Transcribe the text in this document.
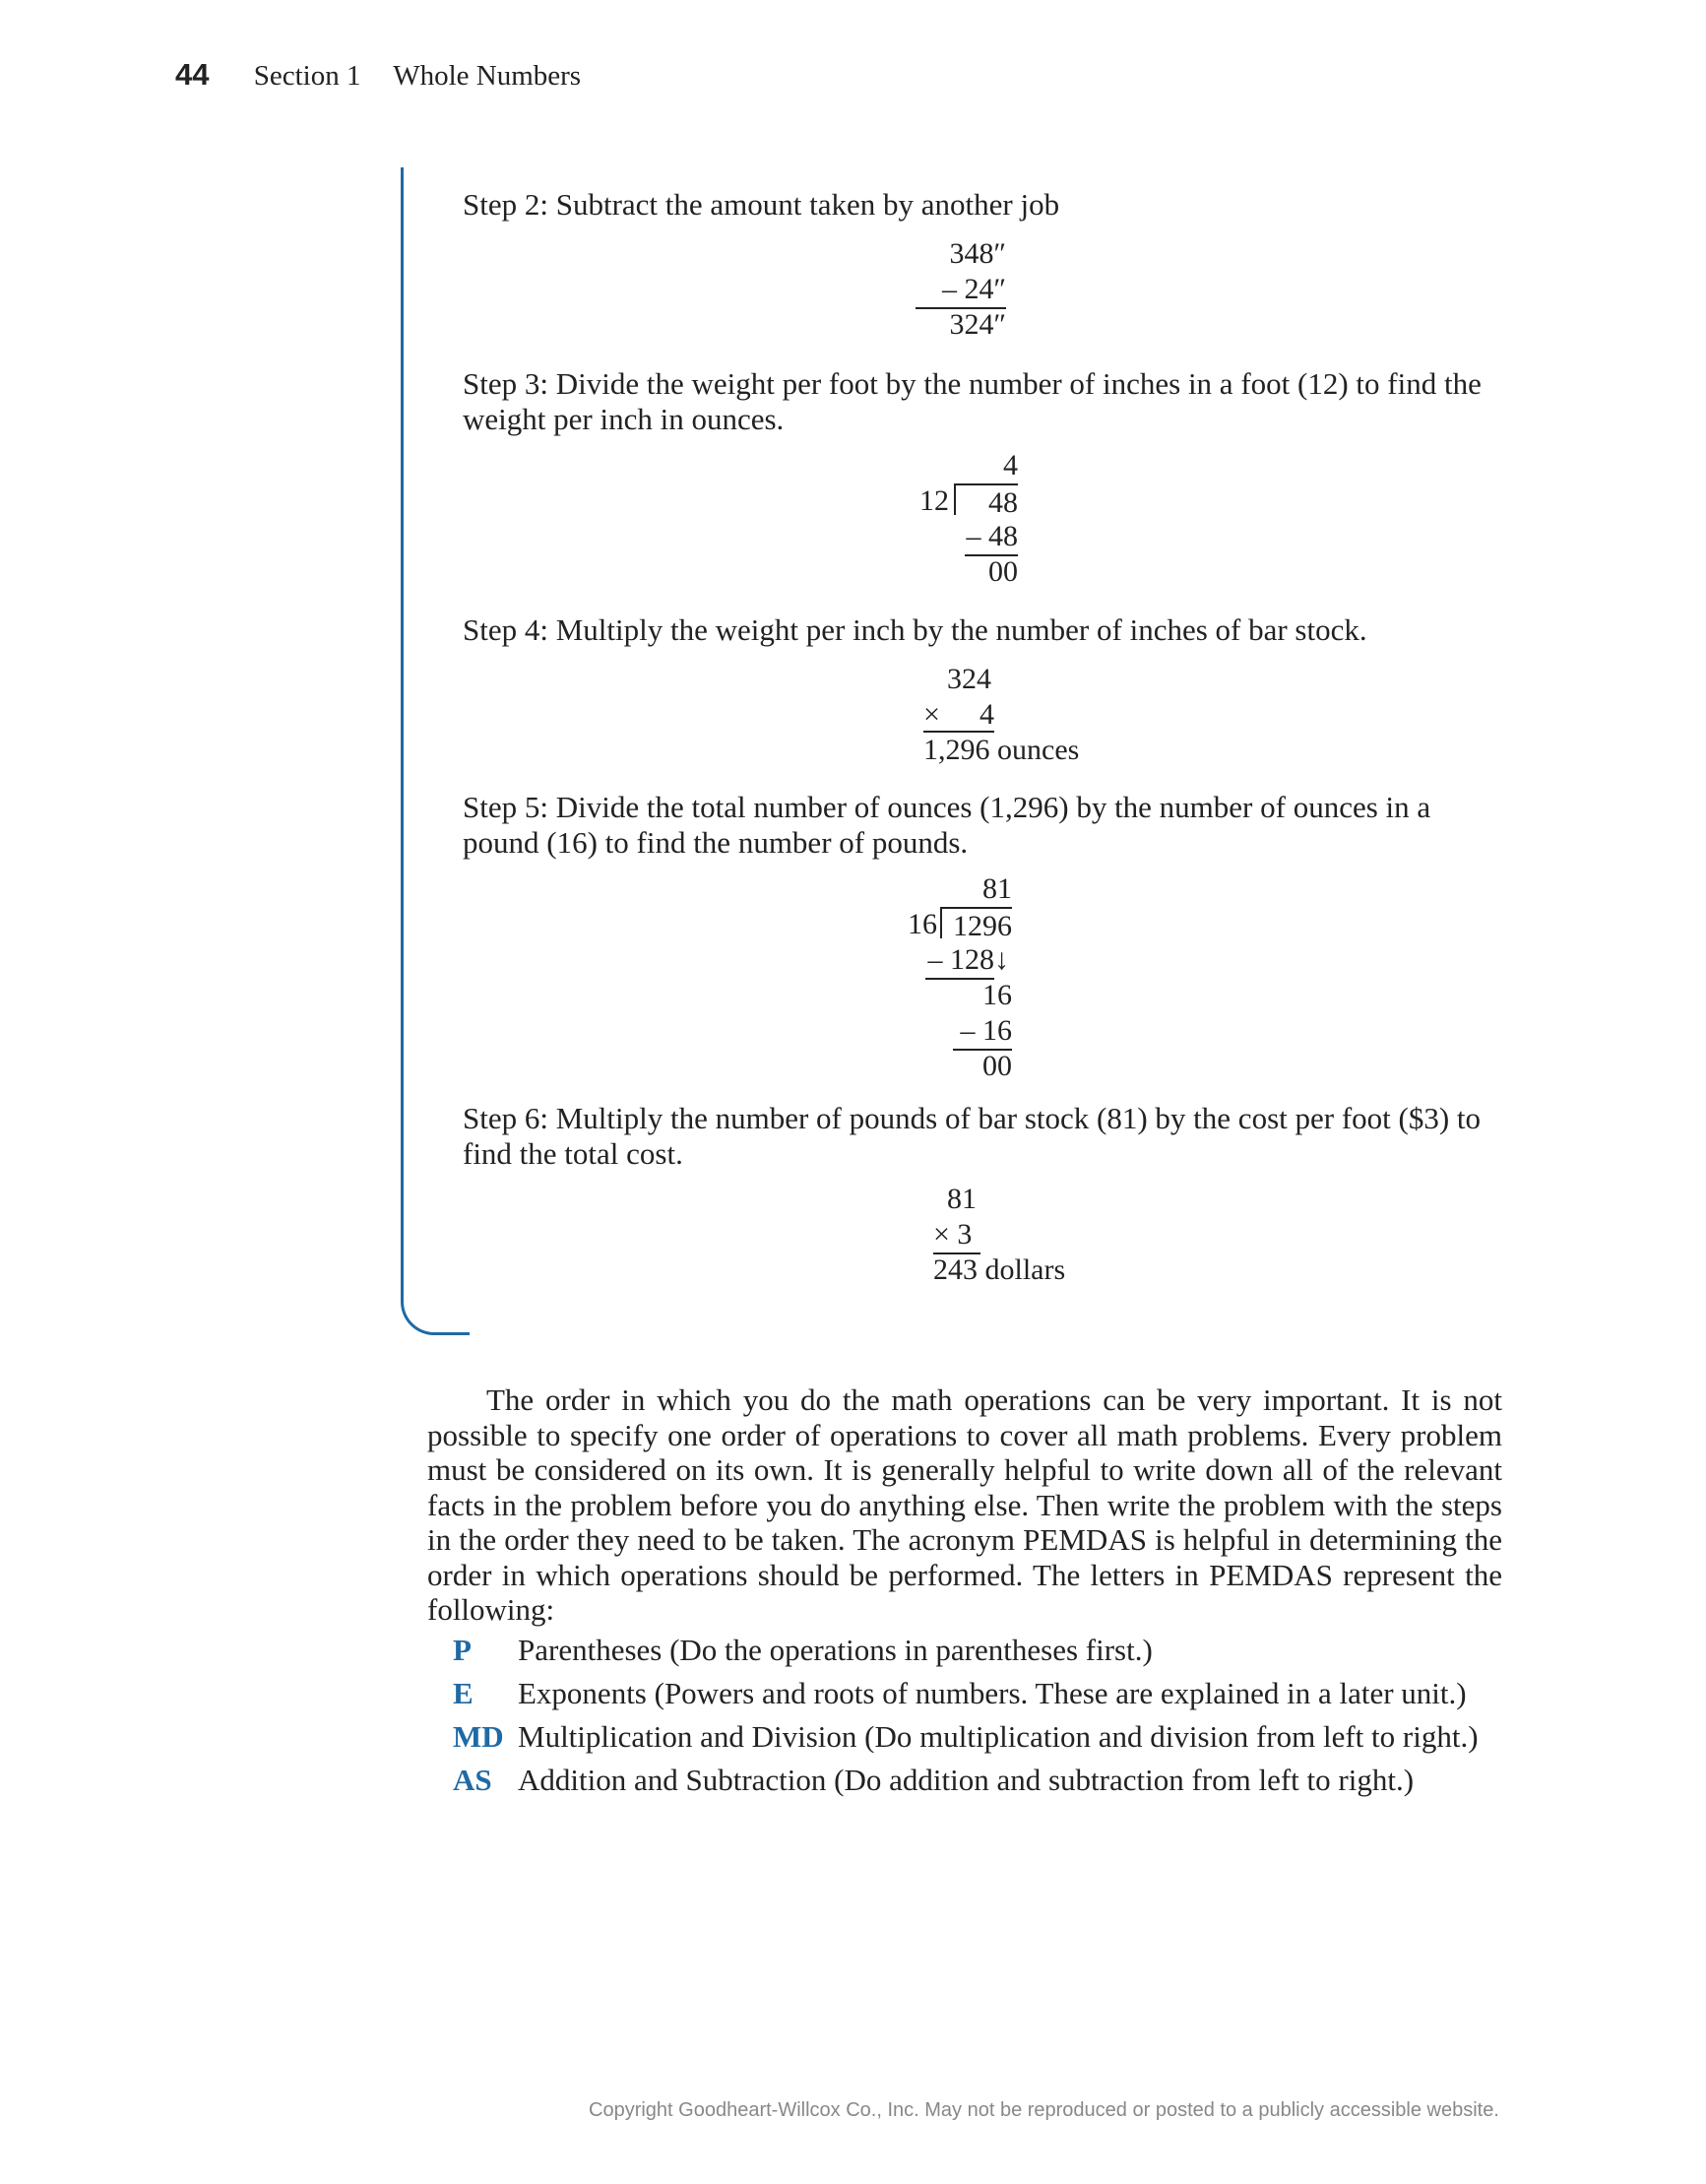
44 Section 1 Whole Numbers
Step 2: Subtract the amount taken by another job
348″
– 24″
324″
Step 3: Divide the weight per foot by the number of inches in a foot (12) to find the weight per inch in ounces.
4
12	48
– 48
00
Step 4: Multiply the weight per inch by the number of inches of bar stock.
324
× 4
1,296 ounces
Step 5: Divide the total number of ounces (1,296) by the number of ounces in a pound (16) to find the number of pounds.
81
16 1296
– 128 ↓
16
– 16
00
Step 6: Multiply the number of pounds of bar stock (81) by the cost per foot ($3) to find the total cost.
81
× 3
243 dollars
The order in which you do the math operations can be very important. It is not possible to specify one order of operations to cover all math problems. Every problem must be considered on its own. It is generally helpful to write down all of the relevant facts in the problem before you do anything else. Then write the problem with the steps in the order they need to be taken. The acronym PEMDAS is helpful in determining the order in which operations should be performed. The letters in PEMDAS represent the following:
P Parentheses (Do the operations in parentheses first.)
E Exponents (Powers and roots of numbers. These are explained in a later unit.)
MD Multiplication and Division (Do multiplication and division from left to right.)
AS Addition and Subtraction (Do addition and subtraction from left to right.)
Copyright Goodheart-Willcox Co., Inc. May not be reproduced or posted to a publicly accessible website.
